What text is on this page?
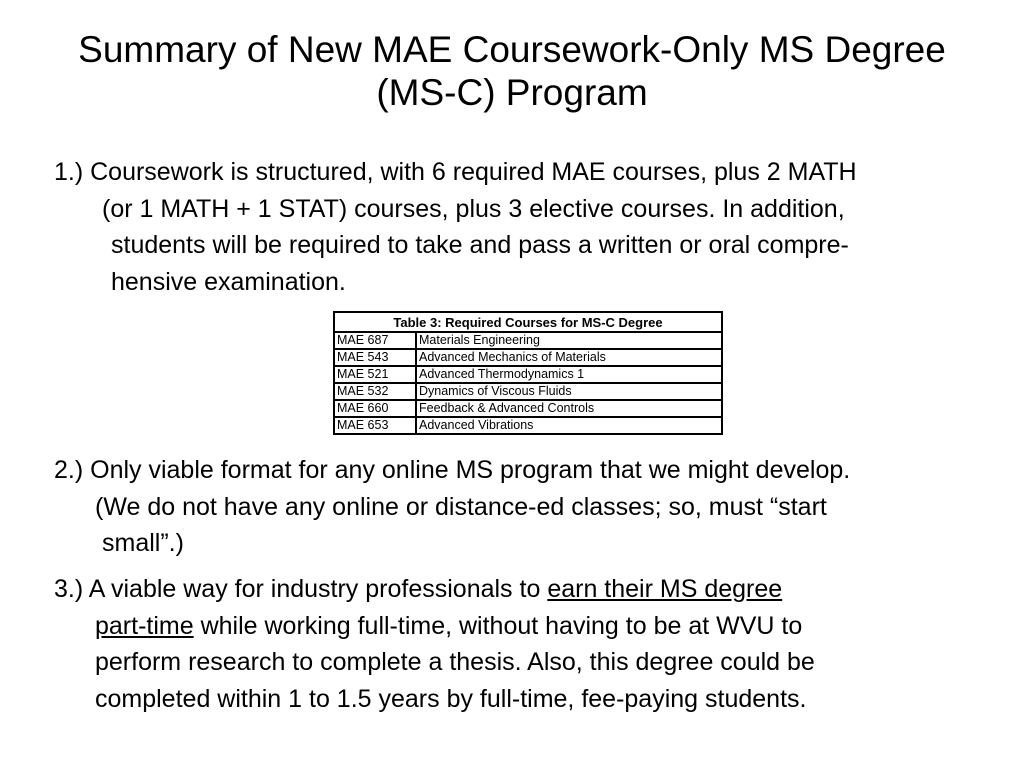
Summary of New MAE Coursework-Only MS Degree
(MS-C) Program

1.) Coursework is structured, with 6 required MAE courses, plus 2 MATH
(or 1 MATH + 1 STAT) courses, plus 3 elective courses. In addition,
students will be required to take and pass a written or oral compre-
hensive examination.

Table 3: Required Courses for MS-C Degree	
MAE 687	Materials Engineering
MAE 543	Advanced Mechanics of Materials
MAE 521	Advanced Thermodynamics 1
MAE 532	Dynamics of Viscous Fluids
MAE 660	Feedback & Advanced Controls
MAE 653	Advanced Vibrations

2.) Only viable format for any online MS program that we might develop.
(We do not have any online or distance-ed classes; so, must “start
small”.)

3.) A viable way for industry professionals to earn their MS degree
part-time while working full-time, without having to be at WVU to
perform research to complete a thesis. Also, this degree could be
completed within 1 to 1.5 years by full-time, fee-paying students.
